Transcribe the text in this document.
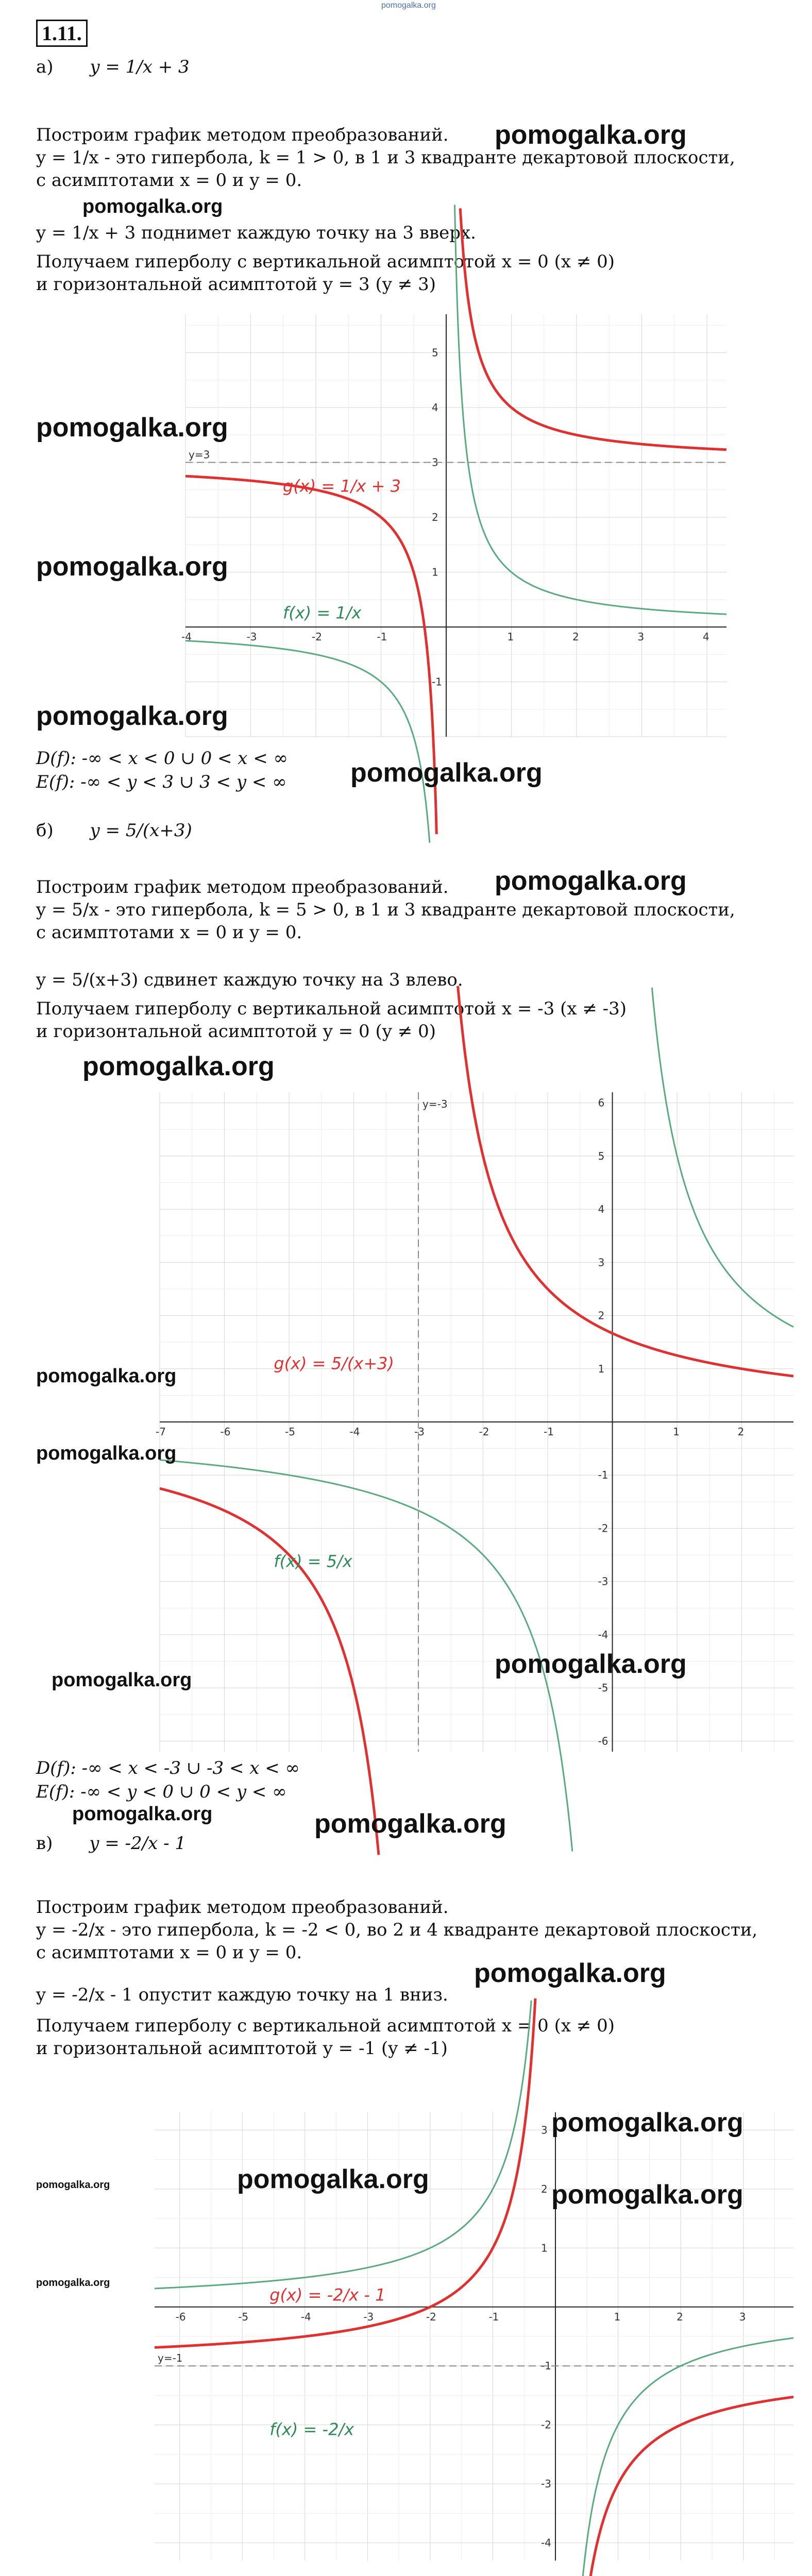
pomogalka.org
1.11.
а) y = 1/x + 3
Построим график методом преобразований.
y = 1/x - это гипербола, k = 1 > 0, в 1 и 3 квадранте декартовой плоскости,
с асимптотами x = 0 и y = 0.
y = 1/x + 3 поднимет каждую точку на 3 вверх.
Получаем гиперболу с вертикальной асимптотой x = 0 (x ≠ 0)
и горизонтальной асимптотой y = 3 (y ≠ 3)
-4	-3	-2	-1	1	2	3	4
-1
1
2
3
4
5
y=3
f(x) = 1/x
g(x) = 1/x + 3
D(f): -∞ < x < 0 ∪ 0 < x < ∞
E(f): -∞ < y < 3 ∪ 3 < y < ∞
б) y = 5/(x+3)
Построим график методом преобразований.
y = 5/x - это гипербола, k = 5 > 0, в 1 и 3 квадранте декартовой плоскости,
с асимптотами x = 0 и y = 0.
y = 5/(x+3) сдвинет каждую точку на 3 влево.
Получаем гиперболу с вертикальной асимптотой x = -3 (x ≠ -3)
и горизонтальной асимптотой y = 0 (y ≠ 0)
-7	-6	-5	-4	-3	-2	-1	1	2
-6
-5
-4
-3
-2
-1
1
2
3
4
5
6
y=-3
f(x) = 5/x
g(x) = 5/(x+3)
D(f): -∞ < x < -3 ∪ -3 < x < ∞
E(f): -∞ < y < 0 ∪ 0 < y < ∞
в) y = -2/x - 1
Построим график методом преобразований.
y = -2/x - это гипербола, k = -2 < 0, во 2 и 4 квадранте декартовой плоскости,
с асимптотами x = 0 и y = 0.
y = -2/x - 1 опустит каждую точку на 1 вниз.
Получаем гиперболу с вертикальной асимптотой x = 0 (x ≠ 0)
и горизонтальной асимптотой y = -1 (y ≠ -1)
-6	-5	-4	-3	-2	-1	1	2	3
-4
-3
-2
-1
1
2
3
y=-1
f(x) = -2/x
g(x) = -2/x - 1
pomogalka.org
pomogalka.org
pomogalka.org
pomogalka.org
pomogalka.org
pomogalka.org
pomogalka.org
pomogalka.org
pomogalka.org
pomogalka.org
pomogalka.org
pomogalka.org
pomogalka.org	pomogalka.org
pomogalka.org
pomogalka.org
pomogalka.org
pomogalka.org
pomogalka.org
pomogalka.org
